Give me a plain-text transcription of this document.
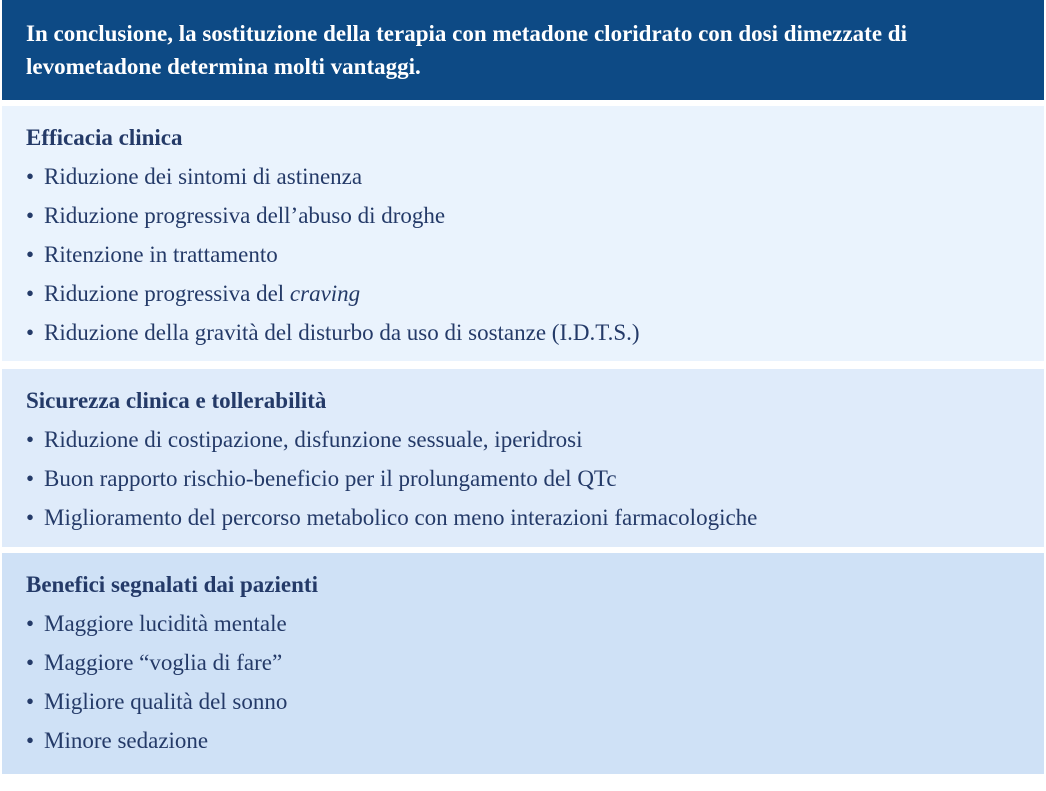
In conclusione, la sostituzione della terapia con metadone cloridrato con dosi dimezzate di levometadone determina molti vantaggi.
Efficacia clinica
• Riduzione dei sintomi di astinenza
• Riduzione progressiva dell’abuso di droghe
• Ritenzione in trattamento
• Riduzione progressiva del craving
• Riduzione della gravità del disturbo da uso di sostanze (I.D.T.S.)
Sicurezza clinica e tollerabilità
• Riduzione di costipazione, disfunzione sessuale, iperidrosi
• Buon rapporto rischio-beneficio per il prolungamento del QTc
• Miglioramento del percorso metabolico con meno interazioni farmacologiche
Benefici segnalati dai pazienti
• Maggiore lucidità mentale
• Maggiore “voglia di fare”
• Migliore qualità del sonno
• Minore sedazione
